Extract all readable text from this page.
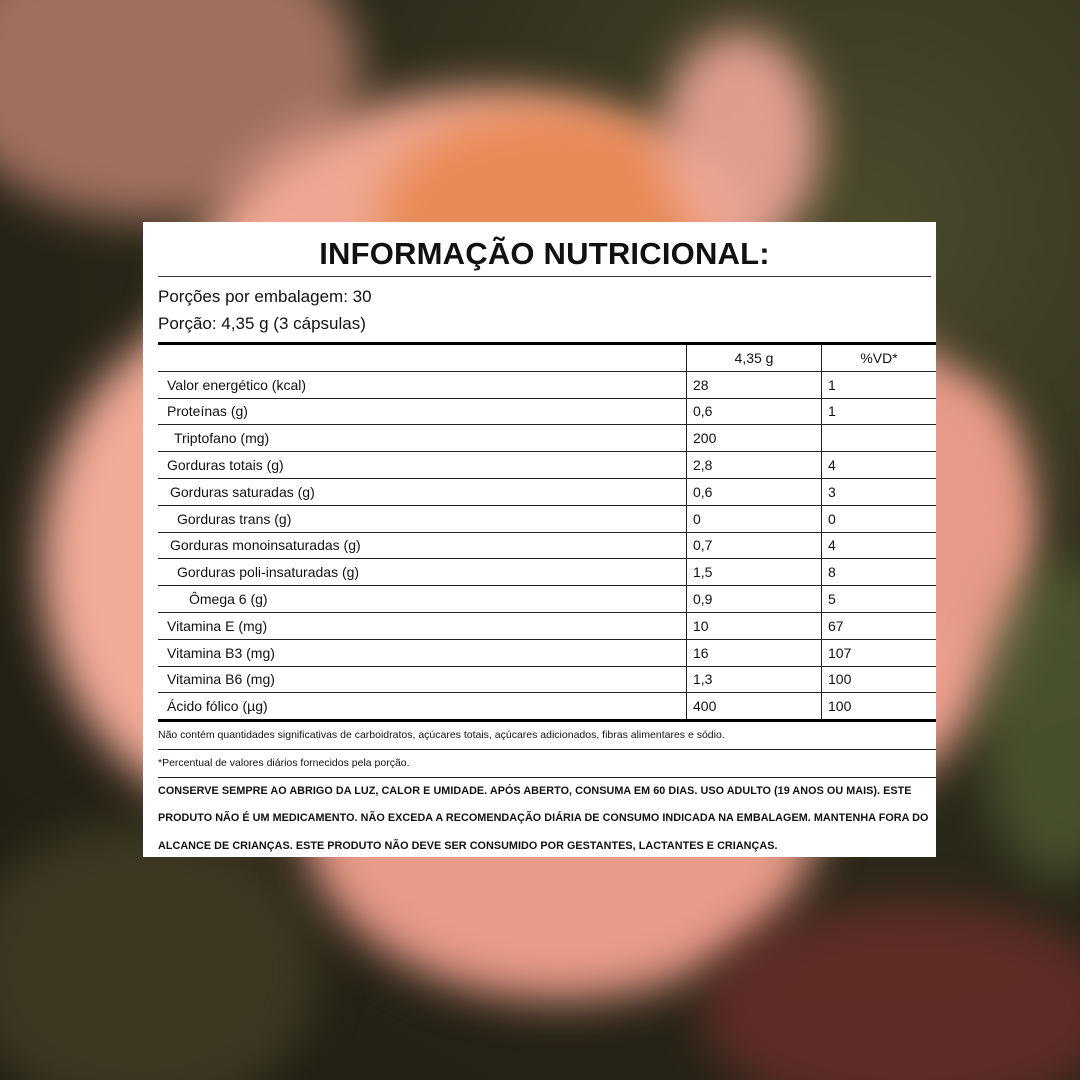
INFORMAÇÃO NUTRICIONAL:
Porções por embalagem: 30
Porção: 4,35 g (3 cápsulas)
	4,35 g	%VD*
Valor energético (kcal)	28	1
Proteínas (g)	0,6	1
Triptofano (mg)	200	
Gorduras totais (g)	2,8	4
Gorduras saturadas (g)	0,6	3
Gorduras trans (g)	0	0
Gorduras monoinsaturadas (g)	0,7	4
Gorduras poli-insaturadas (g)	1,5	8
Ômega 6 (g)	0,9	5
Vitamina E (mg)	10	67
Vitamina B3 (mg)	16	107
Vitamina B6 (mg)	1,3	100
Ácido fólico (µg)	400	100
Não contém quantidades significativas de carboidratos, açúcares totais, açúcares adicionados, fibras alimentares e sódio.
*Percentual de valores diários fornecidos pela porção.
CONSERVE SEMPRE AO ABRIGO DA LUZ, CALOR E UMIDADE. APÓS ABERTO, CONSUMA EM 60 DIAS. USO ADULTO (19 ANOS OU MAIS). ESTE PRODUTO NÃO É UM MEDICAMENTO. NÃO EXCEDA A RECOMENDAÇÃO DIÁRIA DE CONSUMO INDICADA NA EMBALAGEM. MANTENHA FORA DO ALCANCE DE CRIANÇAS. ESTE PRODUTO NÃO DEVE SER CONSUMIDO POR GESTANTES, LACTANTES E CRIANÇAS.
